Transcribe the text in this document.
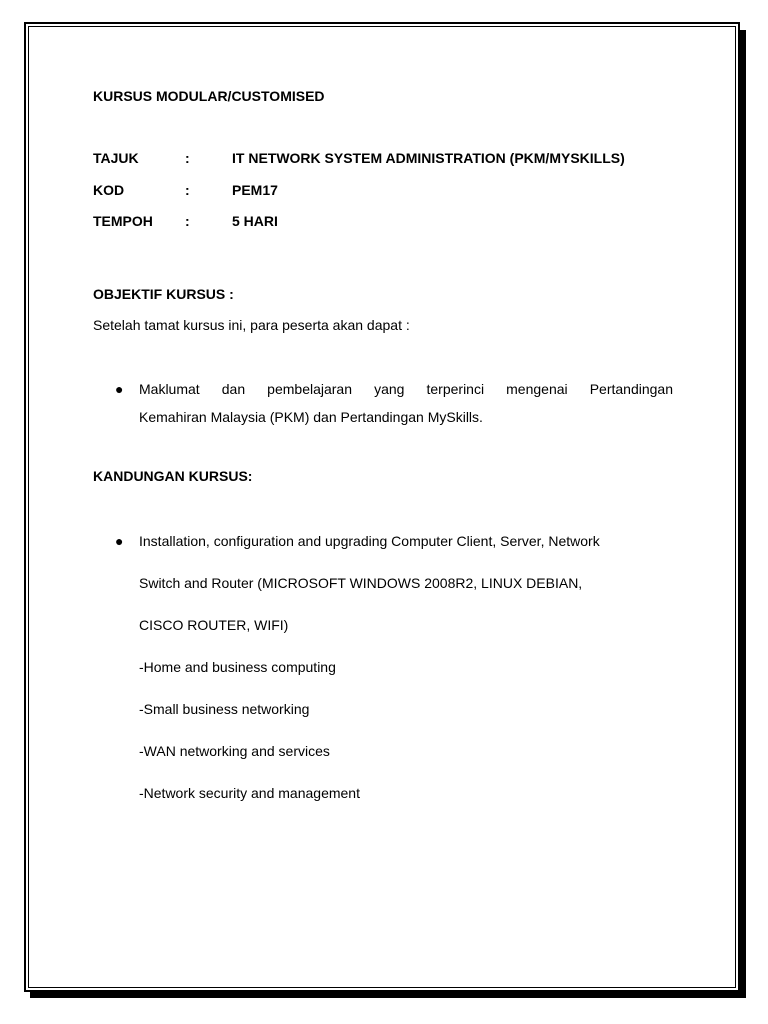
KURSUS MODULAR/CUSTOMISED

TAJUK	:	IT NETWORK SYSTEM ADMINISTRATION (PKM/MYSKILLS)
KOD	:	PEM17
TEMPOH	:	5 HARI

OBJEKTIF KURSUS :

Setelah tamat kursus ini, para peserta akan dapat :

● Maklumat dan pembelajaran yang terperinci mengenai Pertandingan
Kemahiran Malaysia (PKM) dan Pertandingan MySkills.

KANDUNGAN KURSUS:

● Installation, configuration and upgrading Computer Client, Server, Network
Switch and Router (MICROSOFT WINDOWS 2008R2, LINUX DEBIAN,
CISCO ROUTER, WIFI)
-Home and business computing
-Small business networking
-WAN networking and services
-Network security and management
